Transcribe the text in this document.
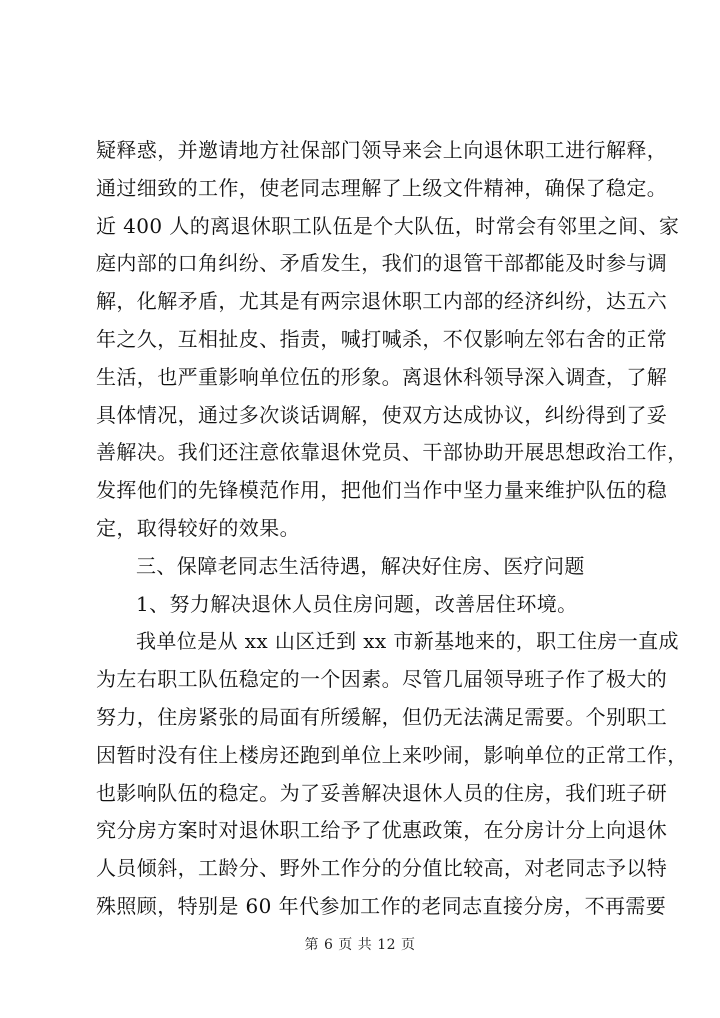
疑释惑，并邀请地方社保部门领导来会上向退休职工进行解释，
通过细致的工作，使老同志理解了上级文件精神，确保了稳定。
近 400 人的离退休职工队伍是个大队伍，时常会有邻里之间、家
庭内部的口角纠纷、矛盾发生，我们的退管干部都能及时参与调
解，化解矛盾，尤其是有两宗退休职工内部的经济纠纷，达五六
年之久，互相扯皮、指责，喊打喊杀，不仅影响左邻右舍的正常
生活，也严重影响单位伍的形象。离退休科领导深入调查，了解
具体情况，通过多次谈话调解，使双方达成协议，纠纷得到了妥
善解决。我们还注意依靠退休党员、干部协助开展思想政治工作，
发挥他们的先锋模范作用，把他们当作中坚力量来维护队伍的稳
定，取得较好的效果。
三、保障老同志生活待遇，解决好住房、医疗问题
1、努力解决退休人员住房问题，改善居住环境。
我单位是从 xx 山区迁到 xx 市新基地来的，职工住房一直成
为左右职工队伍稳定的一个因素。尽管几届领导班子作了极大的
努力，住房紧张的局面有所缓解，但仍无法满足需要。个别职工
因暂时没有住上楼房还跑到单位上来吵闹，影响单位的正常工作，
也影响队伍的稳定。为了妥善解决退休人员的住房，我们班子研
究分房方案时对退休职工给予了优惠政策，在分房计分上向退休
人员倾斜，工龄分、野外工作分的分值比较高，对老同志予以特
殊照顾，特别是 60 年代参加工作的老同志直接分房，不再需要
第 6 页 共 12 页
